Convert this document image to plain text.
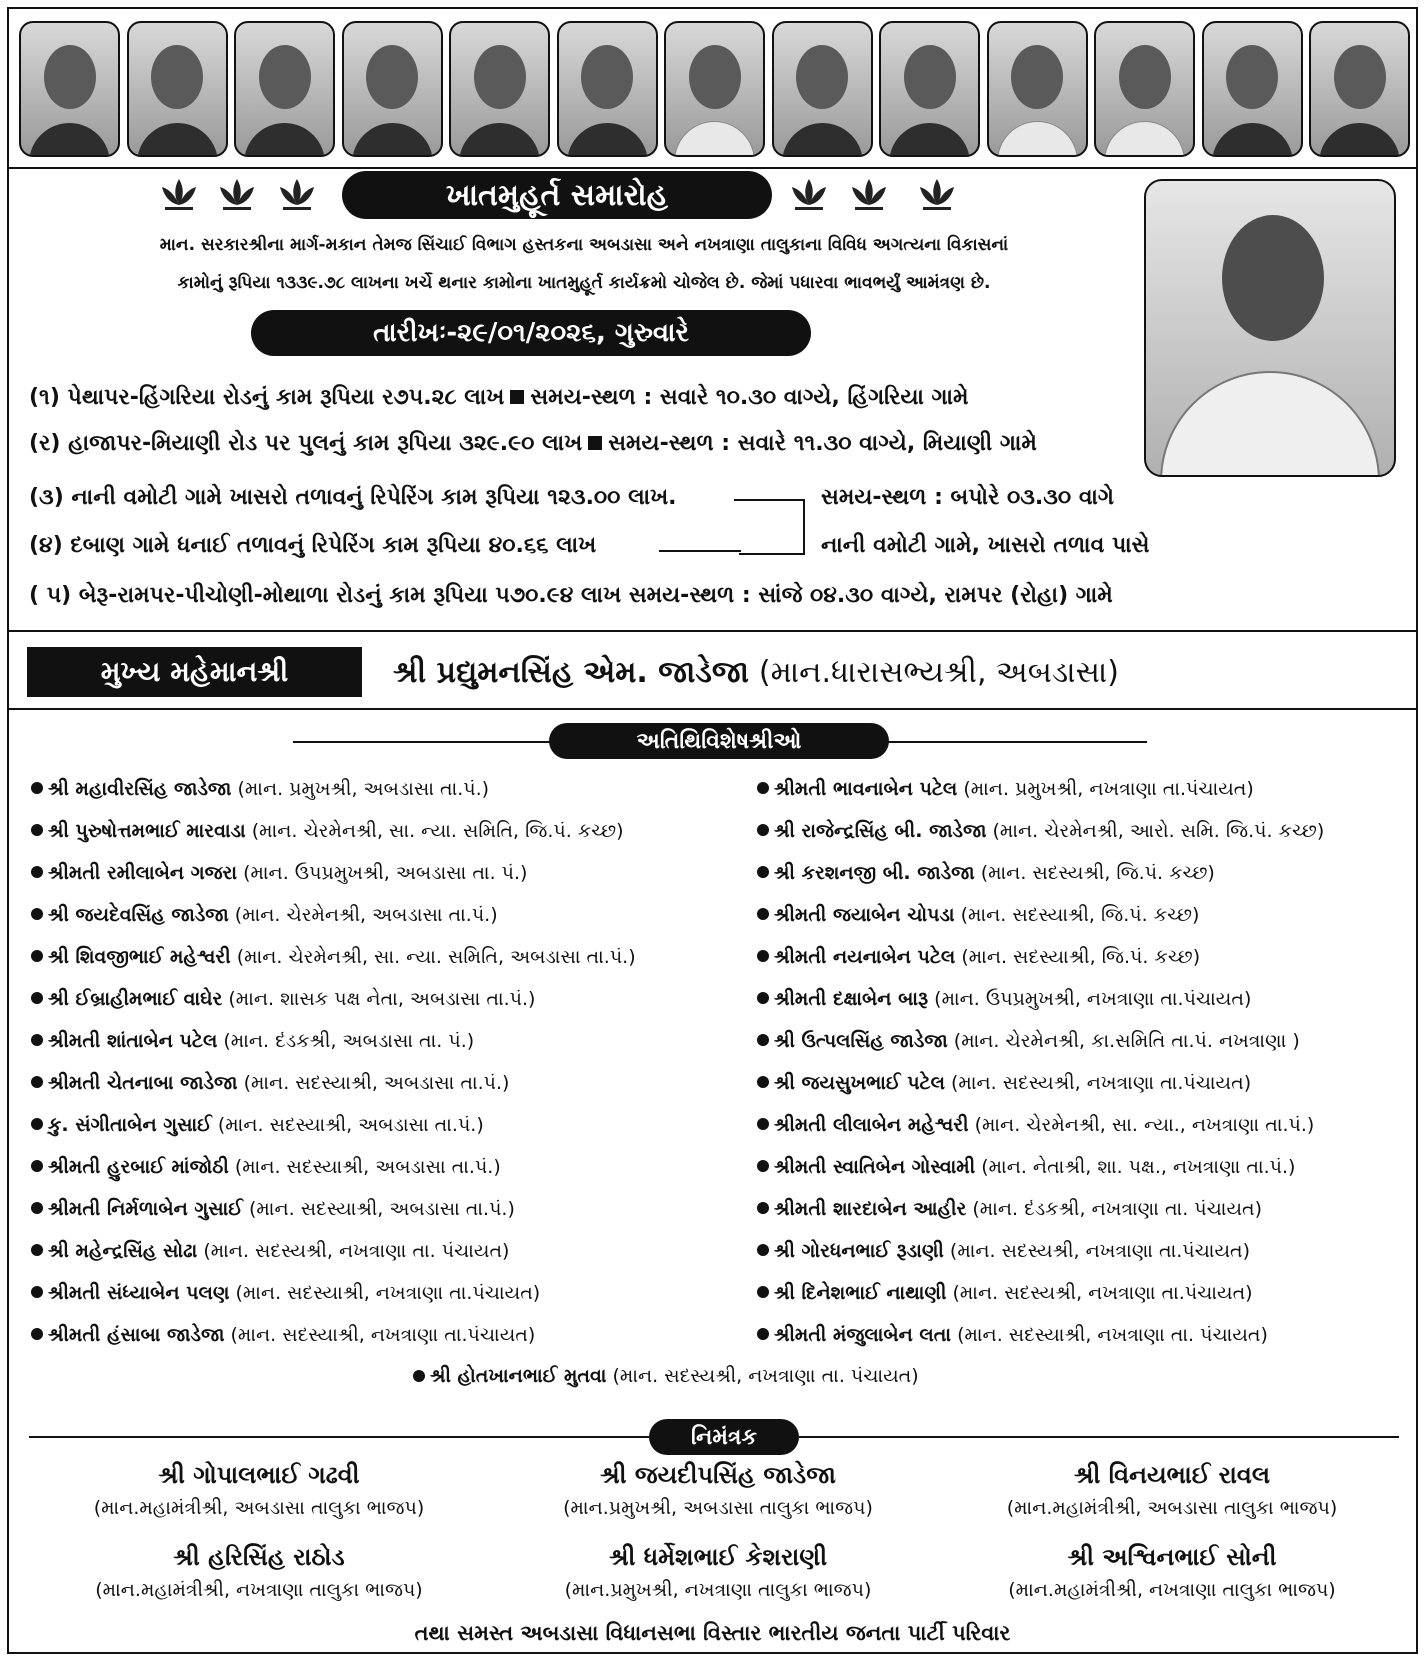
ખાતમુહૂર્ત સમારોહ
માન. સરકારશ્રીના માર્ગ-મકાન તેમજ સિંચાઈ વિભાગ હસ્તકના અબડાસા અને નખત્રાણા તાલુકાના વિવિધ અગત્યના વિકાસનાં
કામોનું રૂપિયા ૧૩૩૯.૭૮ લાખના ખર્ચે થનાર કામોના ખાતમુહૂર્ત કાર્યક્રમો ચોજેલ છે. જેમાં પધારવા ભાવભર્યું આમંત્રણ છે.
તારીખઃ-૨૯/૦૧/૨૦૨૬, ગુરુવારે
(૧) પેથાપર-હિંગરિયા રોડનું કામ રૂપિયા ર૭૫.૨૮ લાખ સમય-સ્થળ : સવારે ૧૦.૩૦ વાગ્યે, હિંગરિયા ગામે
(ર) હાજાપર-મિયાણી રોડ પર પુલનું કામ રૂપિયા ૩૨૯.૯૦ લાખ સમય-સ્થળ : સવારે ૧૧.૩૦ વાગ્યે, મિયાણી ગામે
(૩) નાની વમોટી ગામે ખાસરો તળાવનું રિપેરિંગ કામ રૂપિયા ૧૨૩.૦૦ લાખ.
(૪) દબાણ ગામે ધનાઈ તળાવનું રિપેરિંગ કામ રૂપિયા ૪૦.૬૬ લાખ
સમય-સ્થળ : બપોરે ૦૩.૩૦ વાગે
નાની વમોટી ગામે, ખાસરો તળાવ પાસે
( ૫) બેરૂ-રામપર-પીચોણી-મોથાળા રોડનું કામ રૂપિયા ૫૭૦.૯૪ લાખ સમય-સ્થળ : સાંજે ૦૪.૩૦ વાગ્યે, રામપર (રોહા) ગામે
મુખ્ય મહેમાનશ્રી	શ્રી પ્રદ્યુમનસિંહ એમ. જાડેજા (માન.ધારાસભ્યશ્રી, અબડાસા)
અતિથિવિશેષશ્રીઓ
શ્રી મહાવીરસિંહ જાડેજા (માન. પ્રમુખશ્રી, અબડાસા તા.પં.)
શ્રી પુરુષોત્તમભાઈ મારવાડા (માન. ચેરમેનશ્રી, સા. ન્યા. સમિતિ, જિ.પં. કચ્છ)
શ્રીમતી રમીલાબેન ગજરા (માન. ઉપપ્રમુખશ્રી, અબડાસા તા. પં.)
શ્રી જયદેવસિંહ જાડેજા (માન. ચેરમેનશ્રી, અબડાસા તા.પં.)
શ્રી શિવજીભાઈ મહેશ્વરી (માન. ચેરમેનશ્રી, સા. ન્યા. સમિતિ, અબડાસા તા.પં.)
શ્રી ઈબ્રાહીમભાઈ વાઘેર (માન. શાસક પક્ષ નેતા, અબડાસા તા.પં.)
શ્રીમતી શાંતાબેન પટેલ (માન. દંડકશ્રી, અબડાસા તા. પં.)
શ્રીમતી ચેતનાબા જાડેજા (માન. સદસ્યાશ્રી, અબડાસા તા.પં.)
કુ. સંગીતાબેન ગુસાઈ (માન. સદસ્યાશ્રી, અબડાસા તા.પં.)
શ્રીમતી હુરબાઈ માંજોઠી (માન. સદસ્યાશ્રી, અબડાસા તા.પં.)
શ્રીમતી નિર્મળાબેન ગુસાઈ (માન. સદસ્યાશ્રી, અબડાસા તા.પં.)
શ્રી મહેન્દ્રસિંહ સોઢા (માન. સદસ્યશ્રી, નખત્રાણા તા. પંચાયત)
શ્રીમતી સંધ્યાબેન પલણ (માન. સદસ્યાશ્રી, નખત્રાણા તા.પંચાયત)
શ્રીમતી હંસાબા જાડેજા (માન. સદસ્યાશ્રી, નખત્રાણા તા.પંચાયત)
શ્રીમતી ભાવનાબેન પટેલ (માન. પ્રમુખશ્રી, નખત્રાણા તા.પંચાયત)
શ્રી રાજેન્દ્રસિંહ બી. જાડેજા (માન. ચેરમેનશ્રી, આરો. સમિ. જિ.પં. કચ્છ)
શ્રી કરશનજી બી. જાડેજા (માન. સદસ્યશ્રી, જિ.પં. કચ્છ)
શ્રીમતી જયાબેન ચોપડા (માન. સદસ્યાશ્રી, જિ.પં. કચ્છ)
શ્રીમતી નયનાબેન પટેલ (માન. સદસ્યાશ્રી, જિ.પં. કચ્છ)
શ્રીમતી દક્ષાબેન બારૂ (માન. ઉપપ્રમુખશ્રી, નખત્રાણા તા.પંચાયત)
શ્રી ઉત્પલસિંહ જાડેજા (માન. ચેરમેનશ્રી, કા.સમિતિ તા.પં. નખત્રાણા )
શ્રી જયસુખભાઈ પટેલ (માન. સદસ્યશ્રી, નખત્રાણા તા.પંચાયત)
શ્રીમતી લીલાબેન મહેશ્વરી (માન. ચેરમેનશ્રી, સા. ન્યા., નખત્રાણા તા.પં.)
શ્રીમતી સ્વાતિબેન ગોસ્વામી (માન. નેતાશ્રી, શા. પક્ષ., નખત્રાણા તા.પં.)
શ્રીમતી શારદાબેન આહીર (માન. દંડકશ્રી, નખત્રાણા તા. પંચાયત)
શ્રી ગોરધનભાઈ રૂડાણી (માન. સદસ્યશ્રી, નખત્રાણા તા.પંચાયત)
શ્રી દિનેશભાઈ નાથાણી (માન. સદસ્યશ્રી, નખત્રાણા તા.પંચાયત)
શ્રીમતી મંજુલાબેન લતા (માન. સદસ્યાશ્રી, નખત્રાણા તા. પંચાયત)
શ્રી હોતખાનભાઈ મુતવા (માન. સદસ્યશ્રી, નખત્રાણા તા. પંચાયત)
નિમંત્રક
શ્રી ગોપાલભાઈ ગઢવી
(માન.મહામંત્રીશ્રી, અબડાસા તાલુકા ભાજપ)
શ્રી જયદીપસિંહ જાડેજા
(માન.પ્રમુખશ્રી, અબડાસા તાલુકા ભાજપ)
શ્રી વિનયભાઈ રાવલ
(માન.મહામંત્રીશ્રી, અબડાસા તાલુકા ભાજપ)
શ્રી હરિસિંહ રાઠોડ
(માન.મહામંત્રીશ્રી, નખત્રાણા તાલુકા ભાજપ)
શ્રી ધર્મેશભાઈ કેશરાણી
(માન.પ્રમુખશ્રી, નખત્રાણા તાલુકા ભાજપ)
શ્રી અશ્વિનભાઈ સોની
(માન.મહામંત્રીશ્રી, નખત્રાણા તાલુકા ભાજપ)
તથા સમસ્ત અબડાસા વિધાનસભા વિસ્તાર ભારતીય જનતા પાર્ટી પરિવાર
